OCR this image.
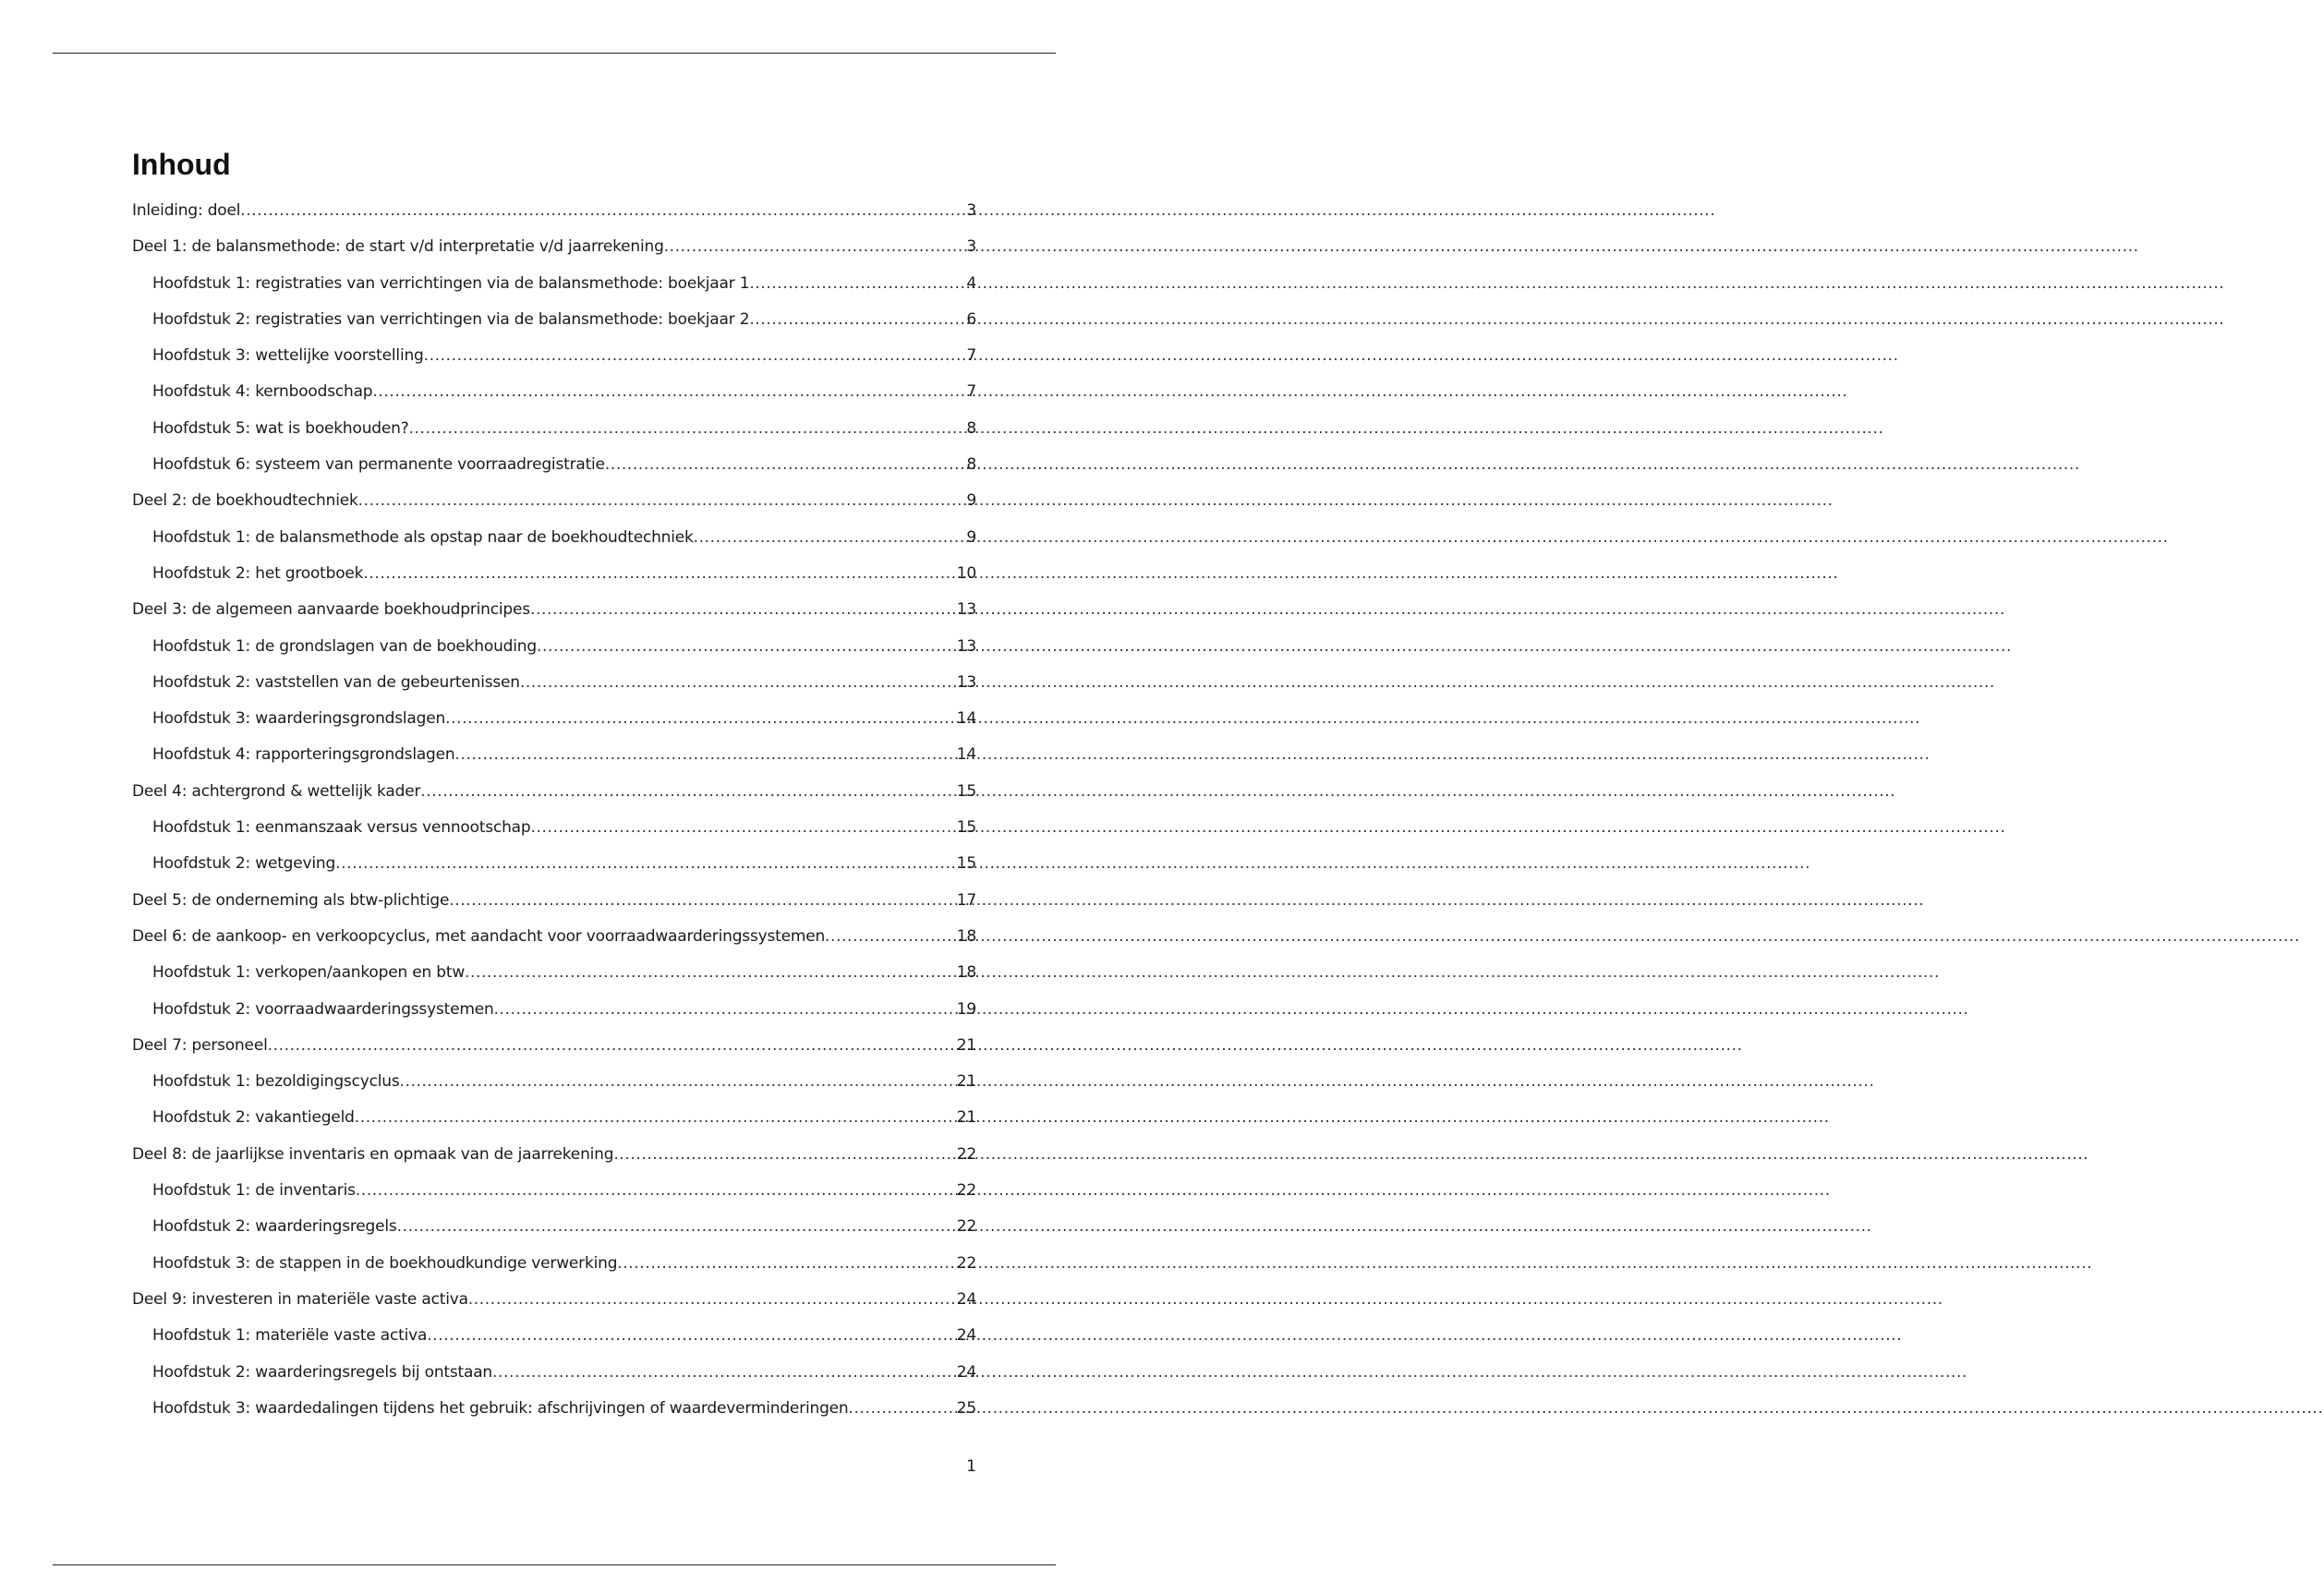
Inhoud
Inleiding: doel .....	3
Deel 1: de balansmethode: de start v/d interpretatie v/d jaarrekening .....	3
Hoofdstuk 1: registraties van verrichtingen via de balansmethode: boekjaar 1 .....	4
Hoofdstuk 2: registraties van verrichtingen via de balansmethode: boekjaar 2 .....	6
Hoofdstuk 3: wettelijke voorstelling .....	7
Hoofdstuk 4: kernboodschap .....	7
Hoofdstuk 5: wat is boekhouden? .....	8
Hoofdstuk 6: systeem van permanente voorraadregistratie .....	8
Deel 2: de boekhoudtechniek .....	9
Hoofdstuk 1: de balansmethode als opstap naar de boekhoudtechniek .....	9
Hoofdstuk 2: het grootboek .....	10
Deel 3: de algemeen aanvaarde boekhoudprincipes .....	13
Hoofdstuk 1: de grondslagen van de boekhouding .....	13
Hoofdstuk 2: vaststellen van de gebeurtenissen .....	13
Hoofdstuk 3: waarderingsgrondslagen .....	14
Hoofdstuk 4: rapporteringsgrondslagen .....	14
Deel 4: achtergrond & wettelijk kader .....	15
Hoofdstuk 1: eenmanszaak versus vennootschap .....	15
Hoofdstuk 2: wetgeving .....	15
Deel 5: de onderneming als btw-plichtige .....	17
Deel 6: de aankoop- en verkoopcyclus, met aandacht voor voorraadwaarderingssystemen .....	18
Hoofdstuk 1: verkopen/aankopen en btw .....	18
Hoofdstuk 2: voorraadwaarderingssystemen .....	19
Deel 7: personeel .....	21
Hoofdstuk 1: bezoldigingscyclus .....	21
Hoofdstuk 2: vakantiegeld .....	21
Deel 8: de jaarlijkse inventaris en opmaak van de jaarrekening .....	22
Hoofdstuk 1: de inventaris .....	22
Hoofdstuk 2: waarderingsregels .....	22
Hoofdstuk 3: de stappen in de boekhoudkundige verwerking .....	22
Deel 9: investeren in materiële vaste activa .....	24
Hoofdstuk 1: materiële vaste activa .....	24
Hoofdstuk 2: waarderingsregels bij ontstaan .....	24
Hoofdstuk 3: waardedalingen tijdens het gebruik: afschrijvingen of waardeverminderingen .....	25
1
